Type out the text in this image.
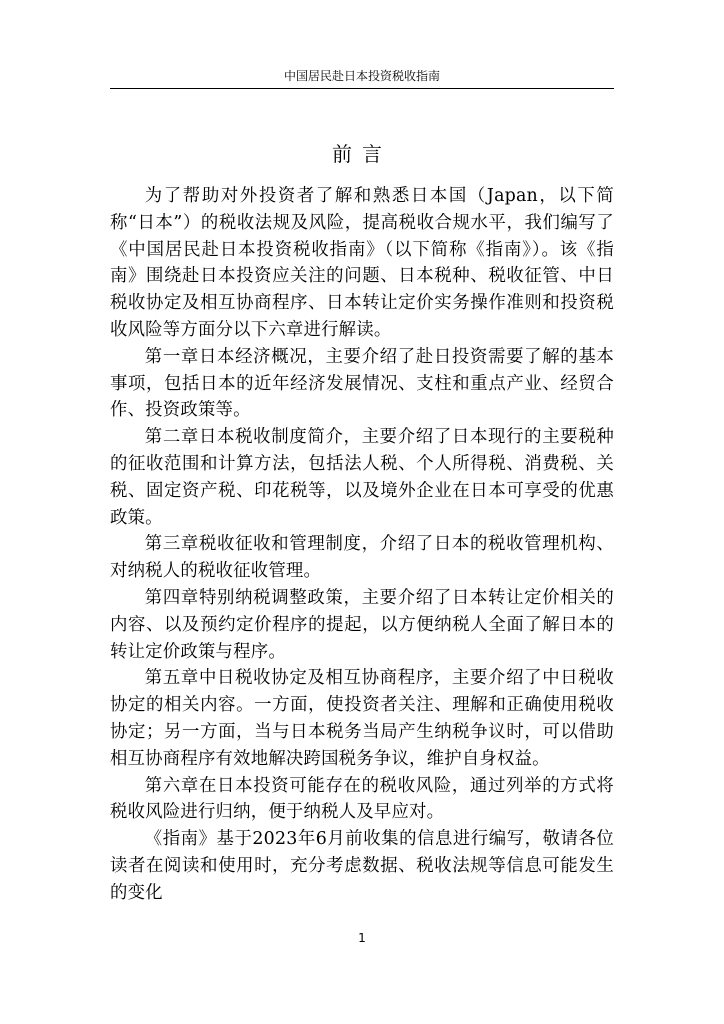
中国居民赴日本投资税收指南
前言

为了帮助对外投资者了解和熟悉日本国（Japan，以下简称“日本”）的税收法规及风险，提高税收合规水平，我们编写了《中国居民赴日本投资税收指南》（以下简称《指南》）。该《指南》围绕赴日本投资应关注的问题、日本税种、税收征管、中日税收协定及相互协商程序、日本转让定价实务操作准则和投资税收风险等方面分以下六章进行解读。

第一章日本经济概况，主要介绍了赴日投资需要了解的基本事项，包括日本的近年经济发展情况、支柱和重点产业、经贸合作、投资政策等。

第二章日本税收制度简介，主要介绍了日本现行的主要税种的征收范围和计算方法，包括法人税、个人所得税、消费税、关税、固定资产税、印花税等，以及境外企业在日本可享受的优惠政策。

第三章税收征收和管理制度，介绍了日本的税收管理机构、对纳税人的税收征收管理。

第四章特别纳税调整政策，主要介绍了日本转让定价相关的内容、以及预约定价程序的提起，以方便纳税人全面了解日本的转让定价政策与程序。

第五章中日税收协定及相互协商程序，主要介绍了中日税收协定的相关内容。一方面，使投资者关注、理解和正确使用税收协定；另一方面，当与日本税务当局产生纳税争议时，可以借助相互协商程序有效地解决跨国税务争议，维护自身权益。

第六章在日本投资可能存在的税收风险，通过列举的方式将税收风险进行归纳，便于纳税人及早应对。

《指南》基于2023年6月前收集的信息进行编写，敬请各位读者在阅读和使用时，充分考虑数据、税收法规等信息可能发生的变化

1
